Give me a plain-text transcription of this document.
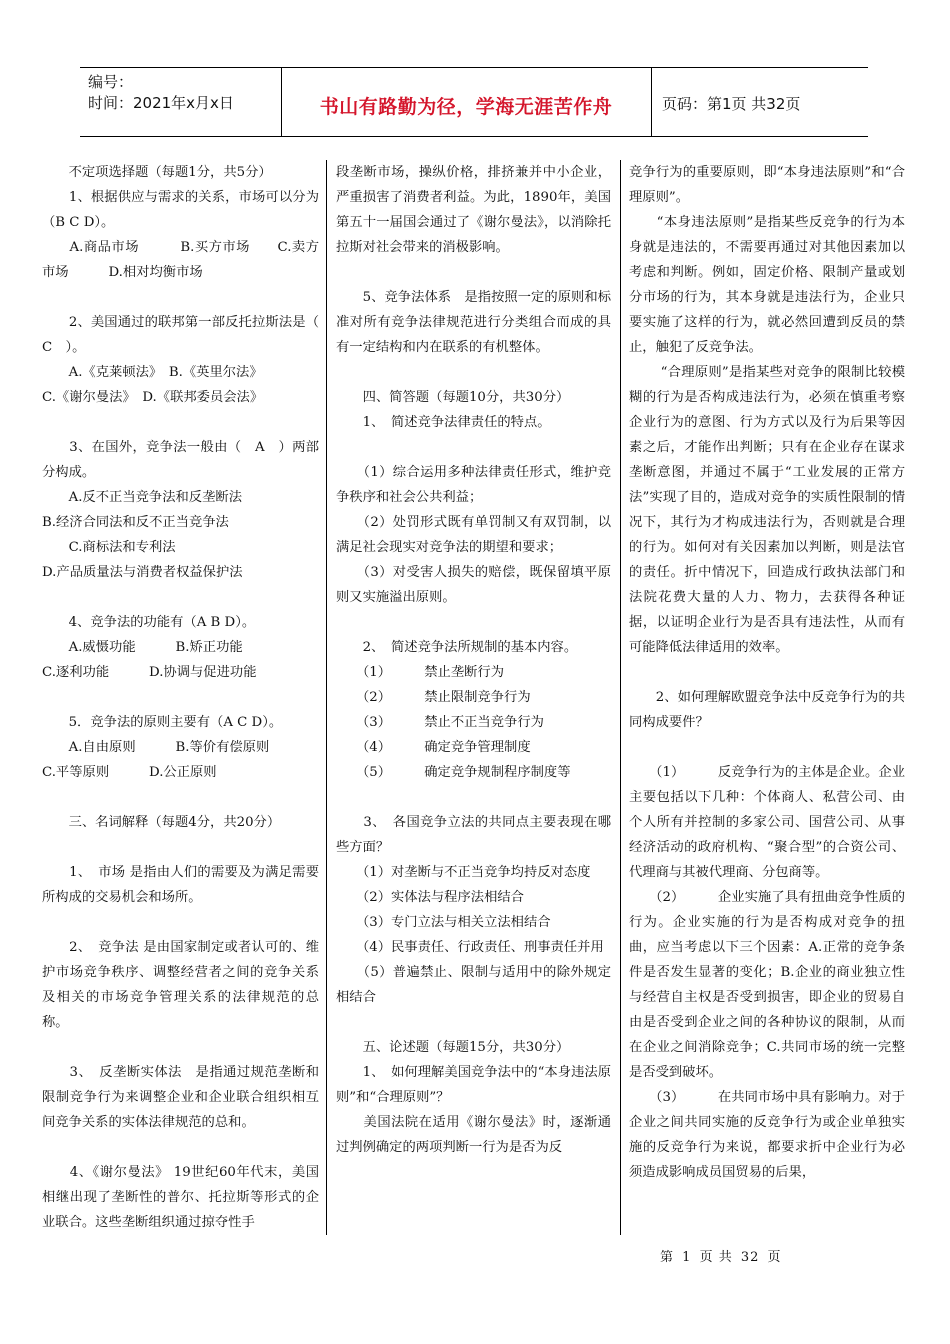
编号：
时间：2021年x月x日	书山有路勤为径，学海无涯苦作舟	页码：第1页 共32页

　　不定项选择题（每题1分，共5分）

　　1、根据供应与需求的关系，市场可以分为（B C D）。

　　A.商品市场　　　B.买方市场　　C.卖方市场　　　D.相对均衡市场

　　2、美国通过的联邦第一部反托拉斯法是（　C　）。

　　A.《克莱顿法》　B.《英里尔法》

C.《谢尔曼法》　D.《联邦委员会法》

　　3、在国外，竞争法一般由（　A　）两部分构成。

　　A.反不正当竞争法和反垄断法

B.经济合同法和反不正当竞争法

　　C.商标法和专利法

D.产品质量法与消费者权益保护法

　　4、竞争法的功能有（A B D）。

　　A.威慑功能　　　B.矫正功能

C.逐利功能　　　D.协调与促进功能

　　5．竞争法的原则主要有（A C D）。

　　A.自由原则　　　B.等价有偿原则

C.平等原则　　　D.公正原则

　　三、名词解释（每题4分，共20分）

　　1、　市场 是指由人们的需要及为满足需要所构成的交易机会和场所。

　　2、　竞争法 是由国家制定或者认可的、维护市场竞争秩序、调整经营者之间的竞争关系及相关的市场竞争管理关系的法律规范的总称。

　　3、　反垄断实体法　是指通过规范垄断和限制竞争行为来调整企业和企业联合组织相互间竞争关系的实体法律规范的总和。

　　4、《谢尔曼法》 19世纪60年代末，美国相继出现了垄断性的普尔、托拉斯等形式的企业联合。这些垄断组织通过掠夺性手

段垄断市场，操纵价格，排挤兼并中小企业，严重损害了消费者利益。为此，1890年，美国第五十一届国会通过了《谢尔曼法》，以消除托拉斯对社会带来的消极影响。

　　5、竞争法体系　是指按照一定的原则和标准对所有竞争法律规范进行分类组合而成的具有一定结构和内在联系的有机整体。

　　四、简答题（每题10分，共30分）

　　1、　简述竞争法律责任的特点。

　　（1）综合运用多种法律责任形式，维护竞争秩序和社会公共利益；

　　（2）处罚形式既有单罚制又有双罚制，以满足社会现实对竞争法的期望和要求；

　　（3）对受害人损失的赔偿，既保留填平原则又实施溢出原则。

　　2、　简述竞争法所规制的基本内容。

　　（1）　　　禁止垄断行为

　　（2）　　　禁止限制竞争行为

　　（3）　　　禁止不正当竞争行为

　　（4）　　　确定竞争管理制度

　　（5）　　　确定竞争规制程序制度等

　　3、　各国竞争立法的共同点主要表现在哪些方面？

　　（1）对垄断与不正当竞争均持反对态度

　　（2）实体法与程序法相结合

　　（3）专门立法与相关立法相结合

　　（4）民事责任、行政责任、刑事责任并用

　　（5）普遍禁止、限制与适用中的除外规定相结合

　　五、论述题（每题15分，共30分）

　　1、　如何理解美国竞争法中的“本身违法原则”和“合理原则”？

　　美国法院在适用《谢尔曼法》时，逐渐通过判例确定的两项判断一行为是否为反

竞争行为的重要原则，即“本身违法原则”和“合理原则”。

　　“本身违法原则”是指某些反竞争的行为本身就是违法的，不需要再通过对其他因素加以考虑和判断。例如，固定价格、限制产量或划分市场的行为，其本身就是违法行为，企业只要实施了这样的行为，就必然回遭到反员的禁止，触犯了反竞争法。

　　 “合理原则”是指某些对竞争的限制比较模糊的行为是否构成违法行为，必须在慎重考察企业行为的意图、行为方式以及行为后果等因素之后，才能作出判断；只有在企业存在谋求垄断意图，并通过不属于“工业发展的正常方法”实现了目的，造成对竞争的实质性限制的情况下，其行为才构成违法行为，否则就是合理的行为。如何对有关因素加以判断，则是法官的责任。折中情况下，回造成行政执法部门和法院花费大量的人力、物力，去获得各种证据，以证明企业行为是否具有违法性，从而有可能降低法律适用的效率。

　　2、如何理解欧盟竞争法中反竞争行为的共同构成要件？

　　（1）　　　反竞争行为的主体是企业。企业主要包括以下几种：个体商人、私营公司、由个人所有并控制的多家公司、国营公司、从事经济活动的政府机构、“聚合型”的合资公司、代理商与其被代理商、分包商等。

　　（2）　　　企业实施了具有扭曲竞争性质的行为。企业实施的行为是否构成对竞争的扭曲，应当考虑以下三个因素：A.正常的竞争条件是否发生显著的变化；B.企业的商业独立性与经营自主权是否受到损害，即企业的贸易自由是否受到企业之间的各种协议的限制，从而在企业之间消除竞争；C.共同市场的统一完整是否受到破坏。

　　（3）　　　在共同市场中具有影响力。对于企业之间共同实施的反竞争行为或企业单独实施的反竞争行为来说，都要求折中企业行为必须造成影响成员国贸易的后果，

第 1 页 共 32 页
